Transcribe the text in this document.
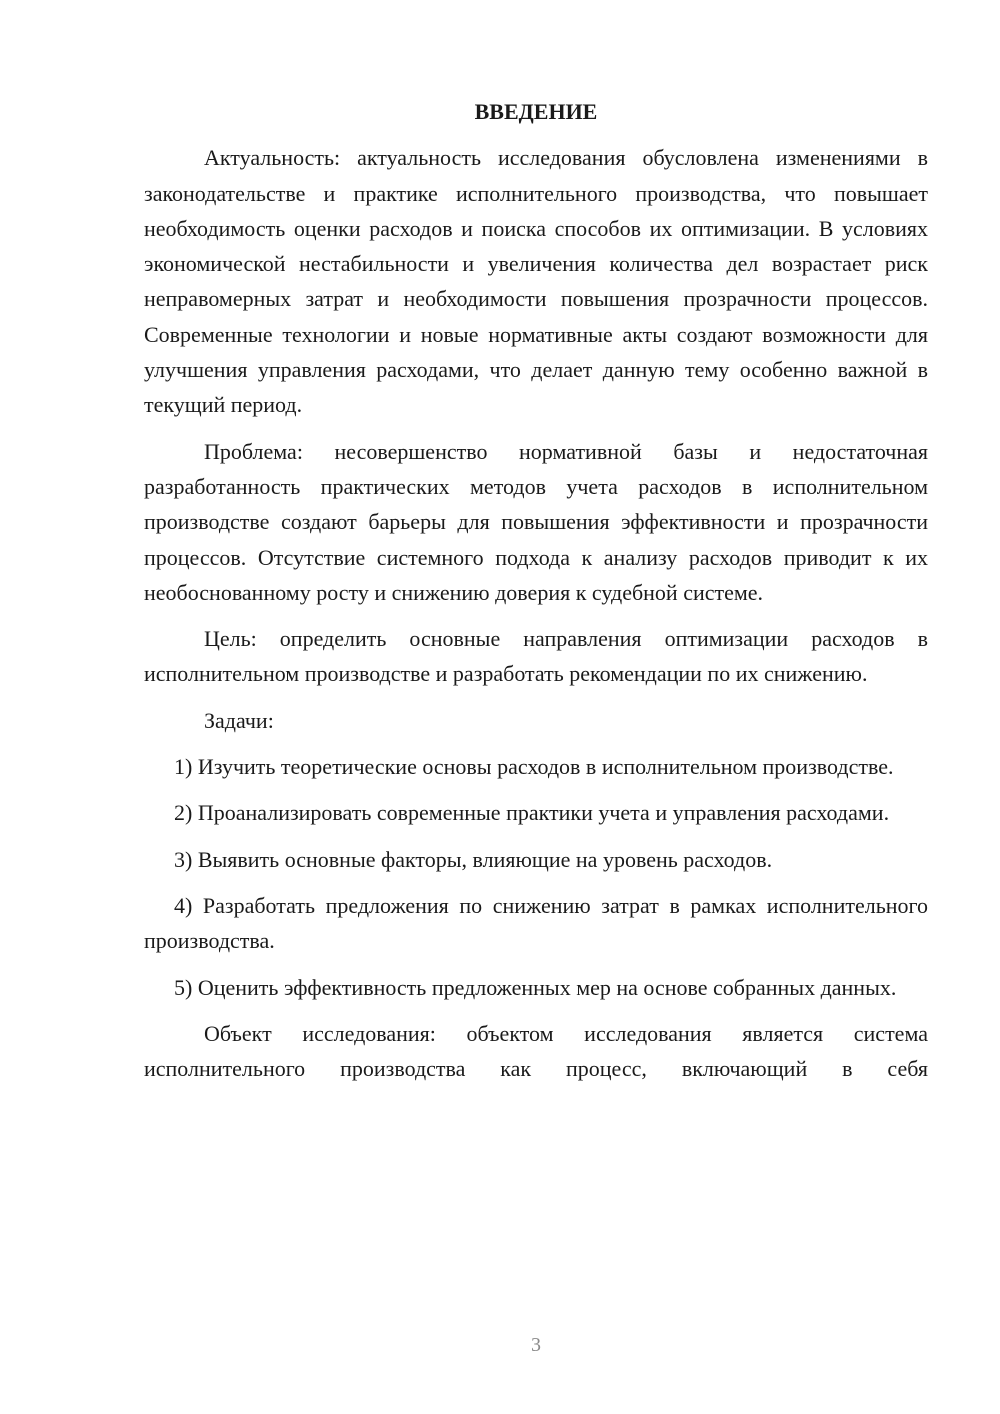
ВВЕДЕНИЕ

Актуальность: актуальность исследования обусловлена изменениями в законодательстве и практике исполнительного производства, что повышает необходимость оценки расходов и поиска способов их оптимизации. В условиях экономической нестабильности и увеличения количества дел возрастает риск неправомерных затрат и необходимости повышения прозрачности процессов. Современные технологии и новые нормативные акты создают возможности для улучшения управления расходами, что делает данную тему особенно важной в текущий период.

Проблема: несовершенство нормативной базы и недостаточная разработанность практических методов учета расходов в исполнительном производстве создают барьеры для повышения эффективности и прозрачности процессов. Отсутствие системного подхода к анализу расходов приводит к их необоснованному росту и снижению доверия к судебной системе.

Цель: определить основные направления оптимизации расходов в исполнительном производстве и разработать рекомендации по их снижению.

Задачи:

1) Изучить теоретические основы расходов в исполнительном производстве.

2) Проанализировать современные практики учета и управления расходами.

3) Выявить основные факторы, влияющие на уровень расходов.

4) Разработать предложения по снижению затрат в рамках исполнительного производства.

5) Оценить эффективность предложенных мер на основе собранных данных.

Объект исследования: объектом исследования является система исполнительного производства как процесс, включающий в себя

3
